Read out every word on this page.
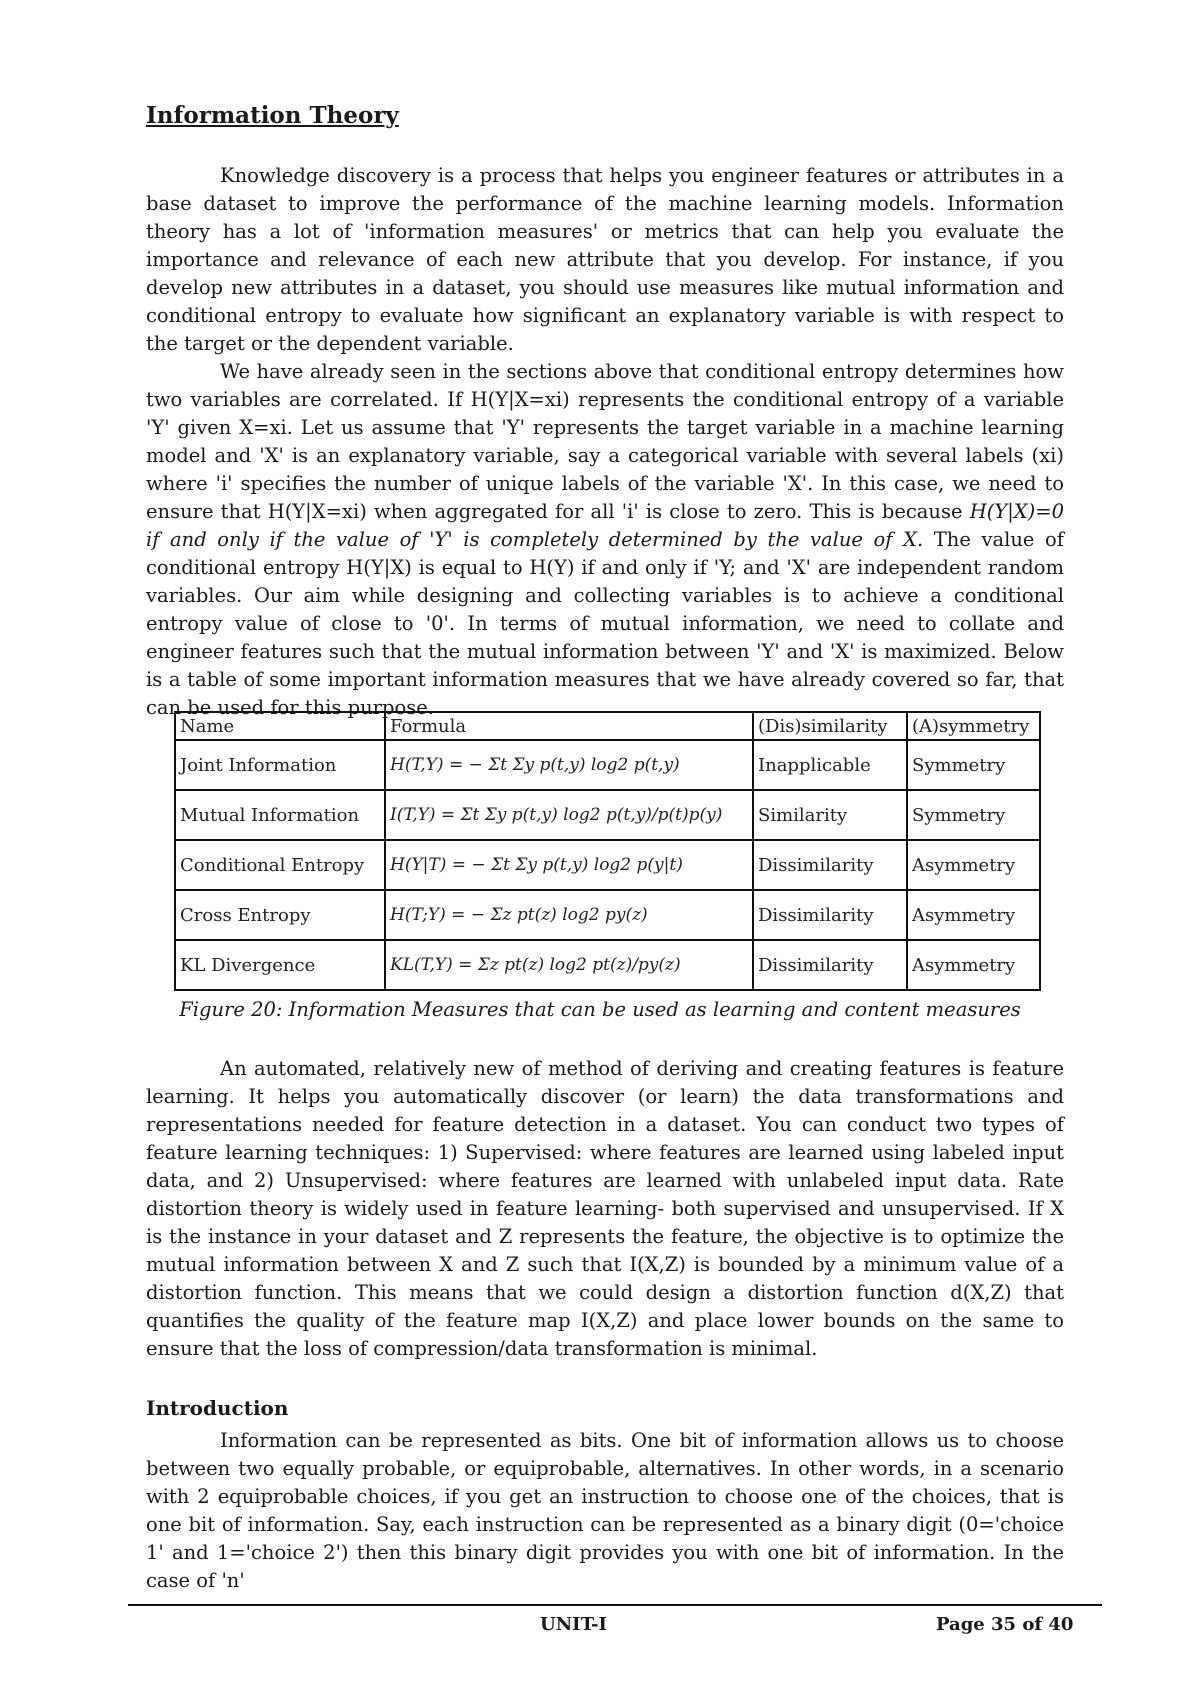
Information Theory

Knowledge discovery is a process that helps you engineer features or attributes in a base dataset to improve the performance of the machine learning models. Information theory has a lot of 'information measures' or metrics that can help you evaluate the importance and relevance of each new attribute that you develop. For instance, if you develop new attributes in a dataset, you should use measures like mutual information and conditional entropy to evaluate how significant an explanatory variable is with respect to the target or the dependent variable.

We have already seen in the sections above that conditional entropy determines how two variables are correlated. If H(Y|X=xi) represents the conditional entropy of a variable 'Y' given X=xi. Let us assume that 'Y' represents the target variable in a machine learning model and 'X' is an explanatory variable, say a categorical variable with several labels (xi) where 'i' specifies the number of unique labels of the variable 'X'. In this case, we need to ensure that H(Y|X=xi) when aggregated for all 'i' is close to zero. This is because H(Y|X)=0 if and only if the value of 'Y' is completely determined by the value of X. The value of conditional entropy H(Y|X) is equal to H(Y) if and only if 'Y; and 'X' are independent random variables. Our aim while designing and collecting variables is to achieve a conditional entropy value of close to '0'. In terms of mutual information, we need to collate and engineer features such that the mutual information between 'Y' and 'X' is maximized. Below is a table of some important information measures that we have already covered so far, that can be used for this purpose.

Name	Formula	(Dis)similarity	(A)symmetry
Joint Information	H(T,Y) = − Σt Σy p(t,y) log2 p(t,y)	Inapplicable	Symmetry
Mutual Information	I(T,Y) = Σt Σy p(t,y) log2 p(t,y)/p(t)p(y)	Similarity	Symmetry
Conditional Entropy	H(Y|T) = − Σt Σy p(t,y) log2 p(y|t)	Dissimilarity	Asymmetry
Cross Entropy	H(T;Y) = − Σz pt(z) log2 py(z)	Dissimilarity	Asymmetry
KL Divergence	KL(T,Y) = Σz pt(z) log2 pt(z)/py(z)	Dissimilarity	Asymmetry

Figure 20: Information Measures that can be used as learning and content measures

An automated, relatively new of method of deriving and creating features is feature learning. It helps you automatically discover (or learn) the data transformations and representations needed for feature detection in a dataset. You can conduct two types of feature learning techniques: 1) Supervised: where features are learned using labeled input data, and 2) Unsupervised: where features are learned with unlabeled input data. Rate distortion theory is widely used in feature learning- both supervised and unsupervised. If X is the instance in your dataset and Z represents the feature, the objective is to optimize the mutual information between X and Z such that I(X,Z) is bounded by a minimum value of a distortion function. This means that we could design a distortion function d(X,Z) that quantifies the quality of the feature map I(X,Z) and place lower bounds on the same to ensure that the loss of compression/data transformation is minimal.

Introduction

Information can be represented as bits. One bit of information allows us to choose between two equally probable, or equiprobable, alternatives. In other words, in a scenario with 2 equiprobable choices, if you get an instruction to choose one of the choices, that is one bit of information. Say, each instruction can be represented as a binary digit (0='choice 1' and 1='choice 2') then this binary digit provides you with one bit of information. In the case of 'n'

UNIT-I	Page 35 of 40
